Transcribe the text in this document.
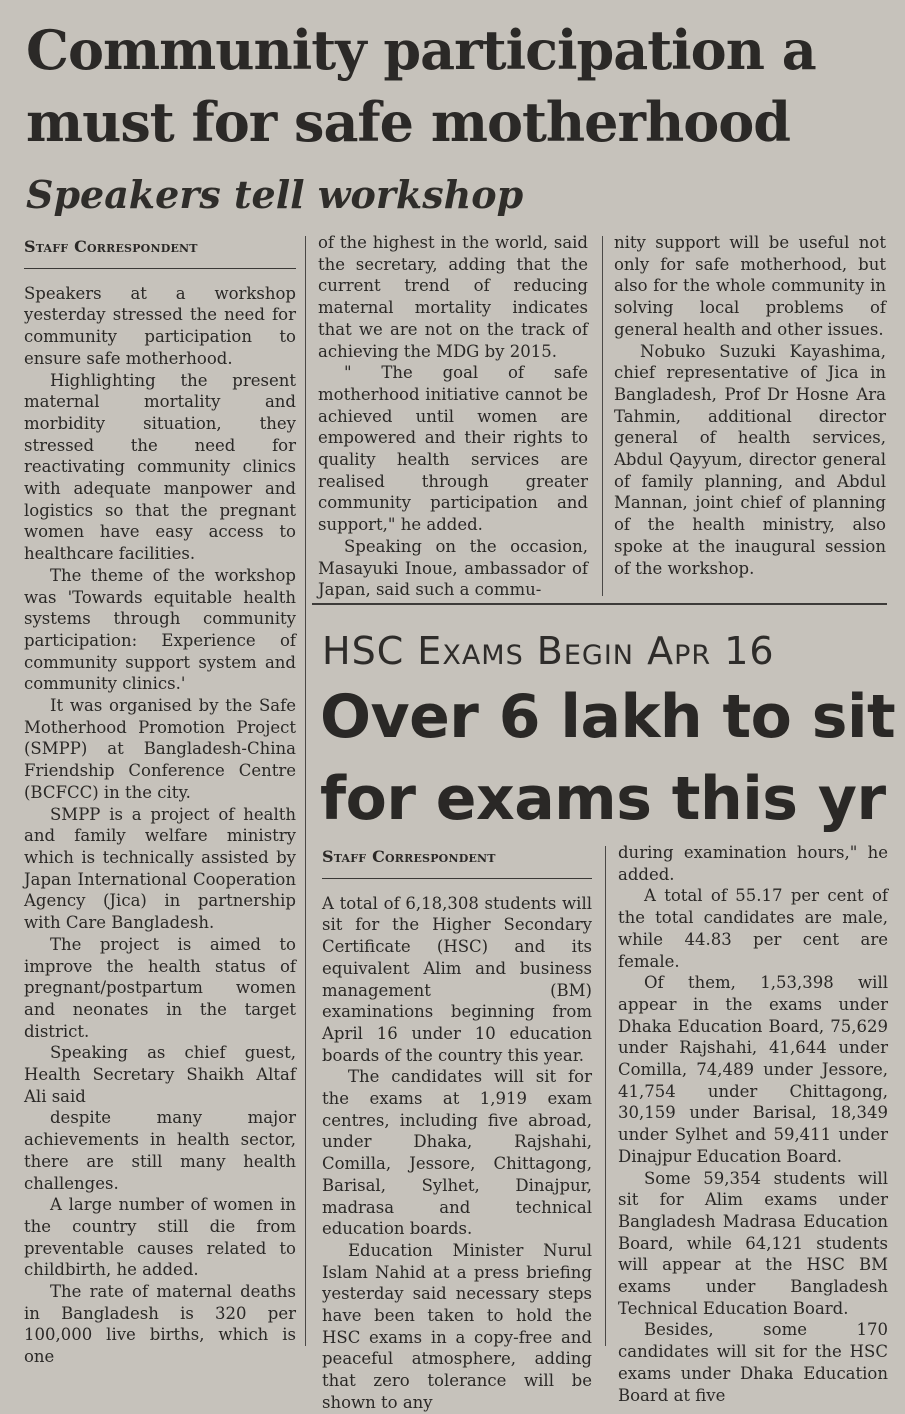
Community participation a must for safe motherhood
Speakers tell workshop
Staff Correspondent

Speakers at a workshop yesterday stressed the need for community participation to ensure safe motherhood.

Highlighting the present maternal mortality and morbidity situation, they stressed the need for reactivating community clinics with adequate manpower and logistics so that the pregnant women have easy access to healthcare facilities.

The theme of the workshop was 'Towards equitable health systems through community participation: Experience of community support system and community clinics.'

It was organised by the Safe Motherhood Promotion Project (SMPP) at Bangladesh-China Friendship Conference Centre (BCFCC) in the city.

SMPP is a project of health and family welfare ministry which is technically assisted by Japan International Cooperation Agency (Jica) in partnership with Care Bangladesh.

The project is aimed to improve the health status of pregnant/postpartum women and neonates in the target district.

Speaking as chief guest, Health Secretary Shaikh Altaf Ali said

despite many major achievements in health sector, there are still many health challenges.

A large number of women in the country still die from preventable causes related to childbirth, he added.

The rate of maternal deaths in Bangladesh is 320 per 100,000 live births, which is one

of the highest in the world, said the secretary, adding that the current trend of reducing maternal mortality indicates that we are not on the track of achieving the MDG by 2015.

" The goal of safe motherhood initiative cannot be achieved until women are empowered and their rights to quality health services are realised through greater community participation and support," he added.

Speaking on the occasion, Masayuki Inoue, ambassador of Japan, said such a commu-

nity support will be useful not only for safe motherhood, but also for the whole community in solving local problems of general health and other issues.

Nobuko Suzuki Kayashima, chief representative of Jica in Bangladesh, Prof Dr Hosne Ara Tahmin, additional director general of health services, Abdul Qayyum, director general of family planning, and Abdul Mannan, joint chief of planning of the health ministry, also spoke at the inaugural session of the workshop.

HSC Exams Begin Apr 16
Over 6 lakh to sit for exams this yr
Staff Correspondent

A total of 6,18,308 students will sit for the Higher Secondary Certificate (HSC) and its equivalent Alim and business management (BM) examinations beginning from April 16 under 10 education boards of the country this year.

The candidates will sit for the exams at 1,919 exam centres, including five abroad, under Dhaka, Rajshahi, Comilla, Jessore, Chittagong, Barisal, Sylhet, Dinajpur, madrasa and technical education boards.

Education Minister Nurul Islam Nahid at a press briefing yesterday said necessary steps have been taken to hold the HSC exams in a copy-free and peaceful atmosphere, adding that zero tolerance will be shown to any

during examination hours," he added.

A total of 55.17 per cent of the total candidates are male, while 44.83 per cent are female.

Of them, 1,53,398 will appear in the exams under Dhaka Education Board, 75,629 under Rajshahi, 41,644 under Comilla, 74,489 under Jessore, 41,754 under Chittagong, 30,159 under Barisal, 18,349 under Sylhet and 59,411 under Dinajpur Education Board.

Some 59,354 students will sit for Alim exams under Bangladesh Madrasa Education Board, while 64,121 students will appear at the HSC BM exams under Bangladesh Technical Education Board.

Besides, some 170 candidates will sit for the HSC exams under Dhaka Education Board at five
